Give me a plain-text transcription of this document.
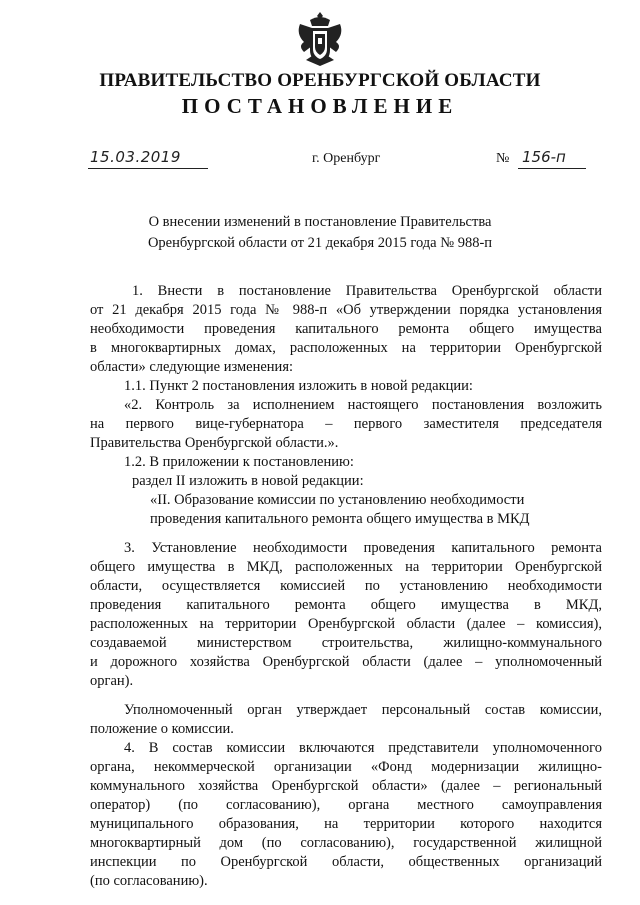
ПРАВИТЕЛЬСТВО ОРЕНБУРГСКОЙ ОБЛАСТИ
ПОСТАНОВЛЕНИЕ
15.03.2019	г. Оренбург	№ 156-п
О внесении изменений в постановление Правительства
Оренбургской области от 21 декабря 2015 года № 988-п
1. Внести в постановление Правительства Оренбургской области
от 21 декабря 2015 года № 988-п «Об утверждении порядка установления
необходимости проведения капитального ремонта общего имущества
в многоквартирных домах, расположенных на территории Оренбургской
области» следующие изменения:
1.1. Пункт 2 постановления изложить в новой редакции:
«2. Контроль за исполнением настоящего постановления возложить
на первого вице-губернатора – первого заместителя председателя
Правительства Оренбургской области.».
1.2. В приложении к постановлению:
раздел II изложить в новой редакции:
«II. Образование комиссии по установлению необходимости
проведения капитального ремонта общего имущества в МКД
3. Установление необходимости проведения капитального ремонта
общего имущества в МКД, расположенных на территории Оренбургской
области, осуществляется комиссией по установлению необходимости
проведения капитального ремонта общего имущества в МКД,
расположенных на территории Оренбургской области (далее – комиссия),
создаваемой министерством строительства, жилищно-коммунального
и дорожного хозяйства Оренбургской области (далее – уполномоченный
орган).
Уполномоченный орган утверждает персональный состав комиссии,
положение о комиссии.
4. В состав комиссии включаются представители уполномоченного
органа, некоммерческой организации «Фонд модернизации жилищно-
коммунального хозяйства Оренбургской области» (далее – региональный
оператор) (по согласованию), органа местного самоуправления
муниципального образования, на территории которого находится
многоквартирный дом (по согласованию), государственной жилищной
инспекции по Оренбургской области, общественных организаций
(по согласованию).
